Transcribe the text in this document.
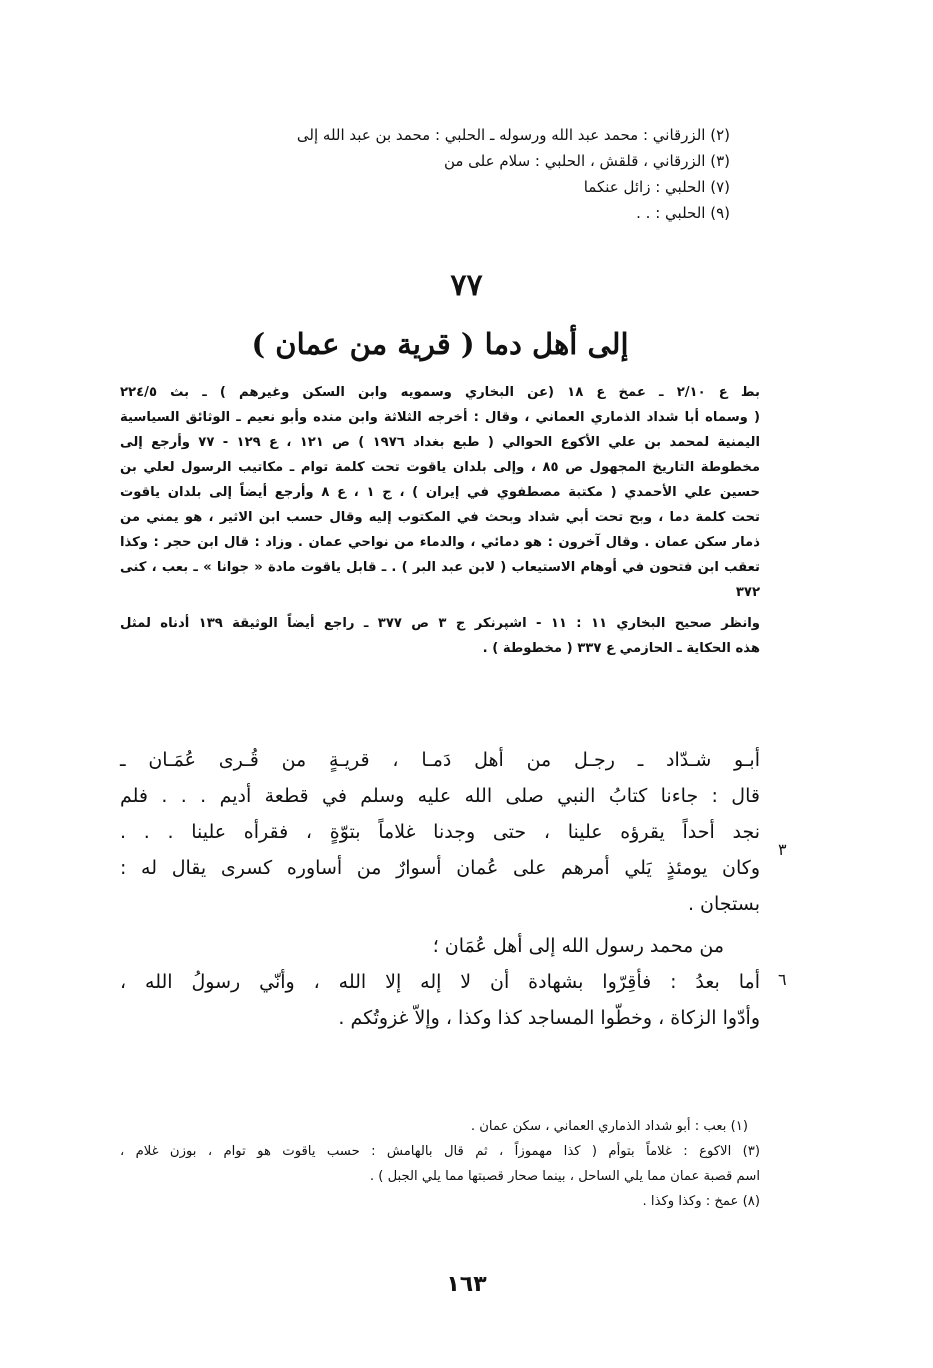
(٢) الزرقاني : محمد عبد الله ورسوله ـ الحلبي : محمد بن عبد الله إلى
(٣) الزرقاني ، قلقش ، الحلبي : سلام على من
(٧) الحلبي : زائل عنكما
(٩) الحلبي : . .
٧٧
إلى أهل دما ( قرية من عمان )
بط ع ٢/١٠ ـ عمخ ع ١٨ (عن البخاري وسمويه وابن السكن وغيرهم ) ـ بث ٢٢٤/٥
( وسماه أبا شداد الذماري العماني ، وقال : أخرجه الثلاثة وابن منده وأبو نعيم ـ الوثائق السياسية
اليمنية لمحمد بن علي الأكوع الحوالي ( طبع بغداد ١٩٧٦ ) ص ١٢١ ، ع ١٢٩ - ٧٧ وأرجع إلى
مخطوطة التاريخ المجهول ص ٨٥ ، وإلى بلدان ياقوت تحت كلمة توام ـ مكاتيب الرسول لعلي بن
حسين علي الأحمدي ( مكتبة مصطفوي في إيران ) ، ج ١ ، ع ٨ وأرجع أيضاً إلى بلدان ياقوت
تحت كلمة دما ، وبح تحت أبي شداد وبحث في المكتوب إليه وقال حسب ابن الاثير ، هو يمني من
ذمار سكن عمان . وقال آخرون : هو دمائي ، والدماء من نواحي عمان . وزاد : قال ابن حجر : وكذا
تعقب ابن فتحون في أوهام الاستيعاب ( لابن عبد البر ) . ـ قابل ياقوت مادة « جوانا » ـ بعب ، كنى
٣٧٢
وانظر صحيح البخاري ١١ : ١١ - اشپرنكر ج ٣ ص ٣٧٧ ـ راجع أيضاً الوثيقة ١٣٩ أدناه لمثل
هذه الحكاية ـ الحازمي ع ٣٣٧ ( مخطوطة ) .
أبـو شـدّاد ـ رجـل من أهل دَمـا ، قريـةٍ من قُـرى عُمَـان ـ
قال : جاءنا كتابُ النبي صلى الله عليه وسلم في قطعة أديم . . . فلم
نجد أحداً يقرؤه علينا ، حتى وجدنا غلاماً بتوّةٍ ، فقرأه علينا . . .
وكان يومئذٍ يَلي أمرهم على عُمان أسوارٌ من أساوره كسرى يقال له :
بستجان .
من محمد رسول الله إلى أهل عُمَان ؛
أما بعدُ : فأقِرّوا بشهادة أن لا إله إلا الله ، وأنّي رسولُ الله ،
وأدّوا الزكاة ، وخطّوا المساجد كذا وكذا ، وإلاّ غزوتُكم .
٣
٦
(١) بعب : أبو شداد الذماري العماني ، سكن عمان .
(٣) الاكوع : غلاماً بتوأم ( كذا مهموزاً ، ثم قال بالهامش : حسب ياقوت هو توام ، بوزن غلام ،
اسم قصبة عمان مما يلي الساحل ، بينما صحار قصبتها مما يلي الجبل ) .
(٨) عمخ : وكذا وكذا .
١٦٣
